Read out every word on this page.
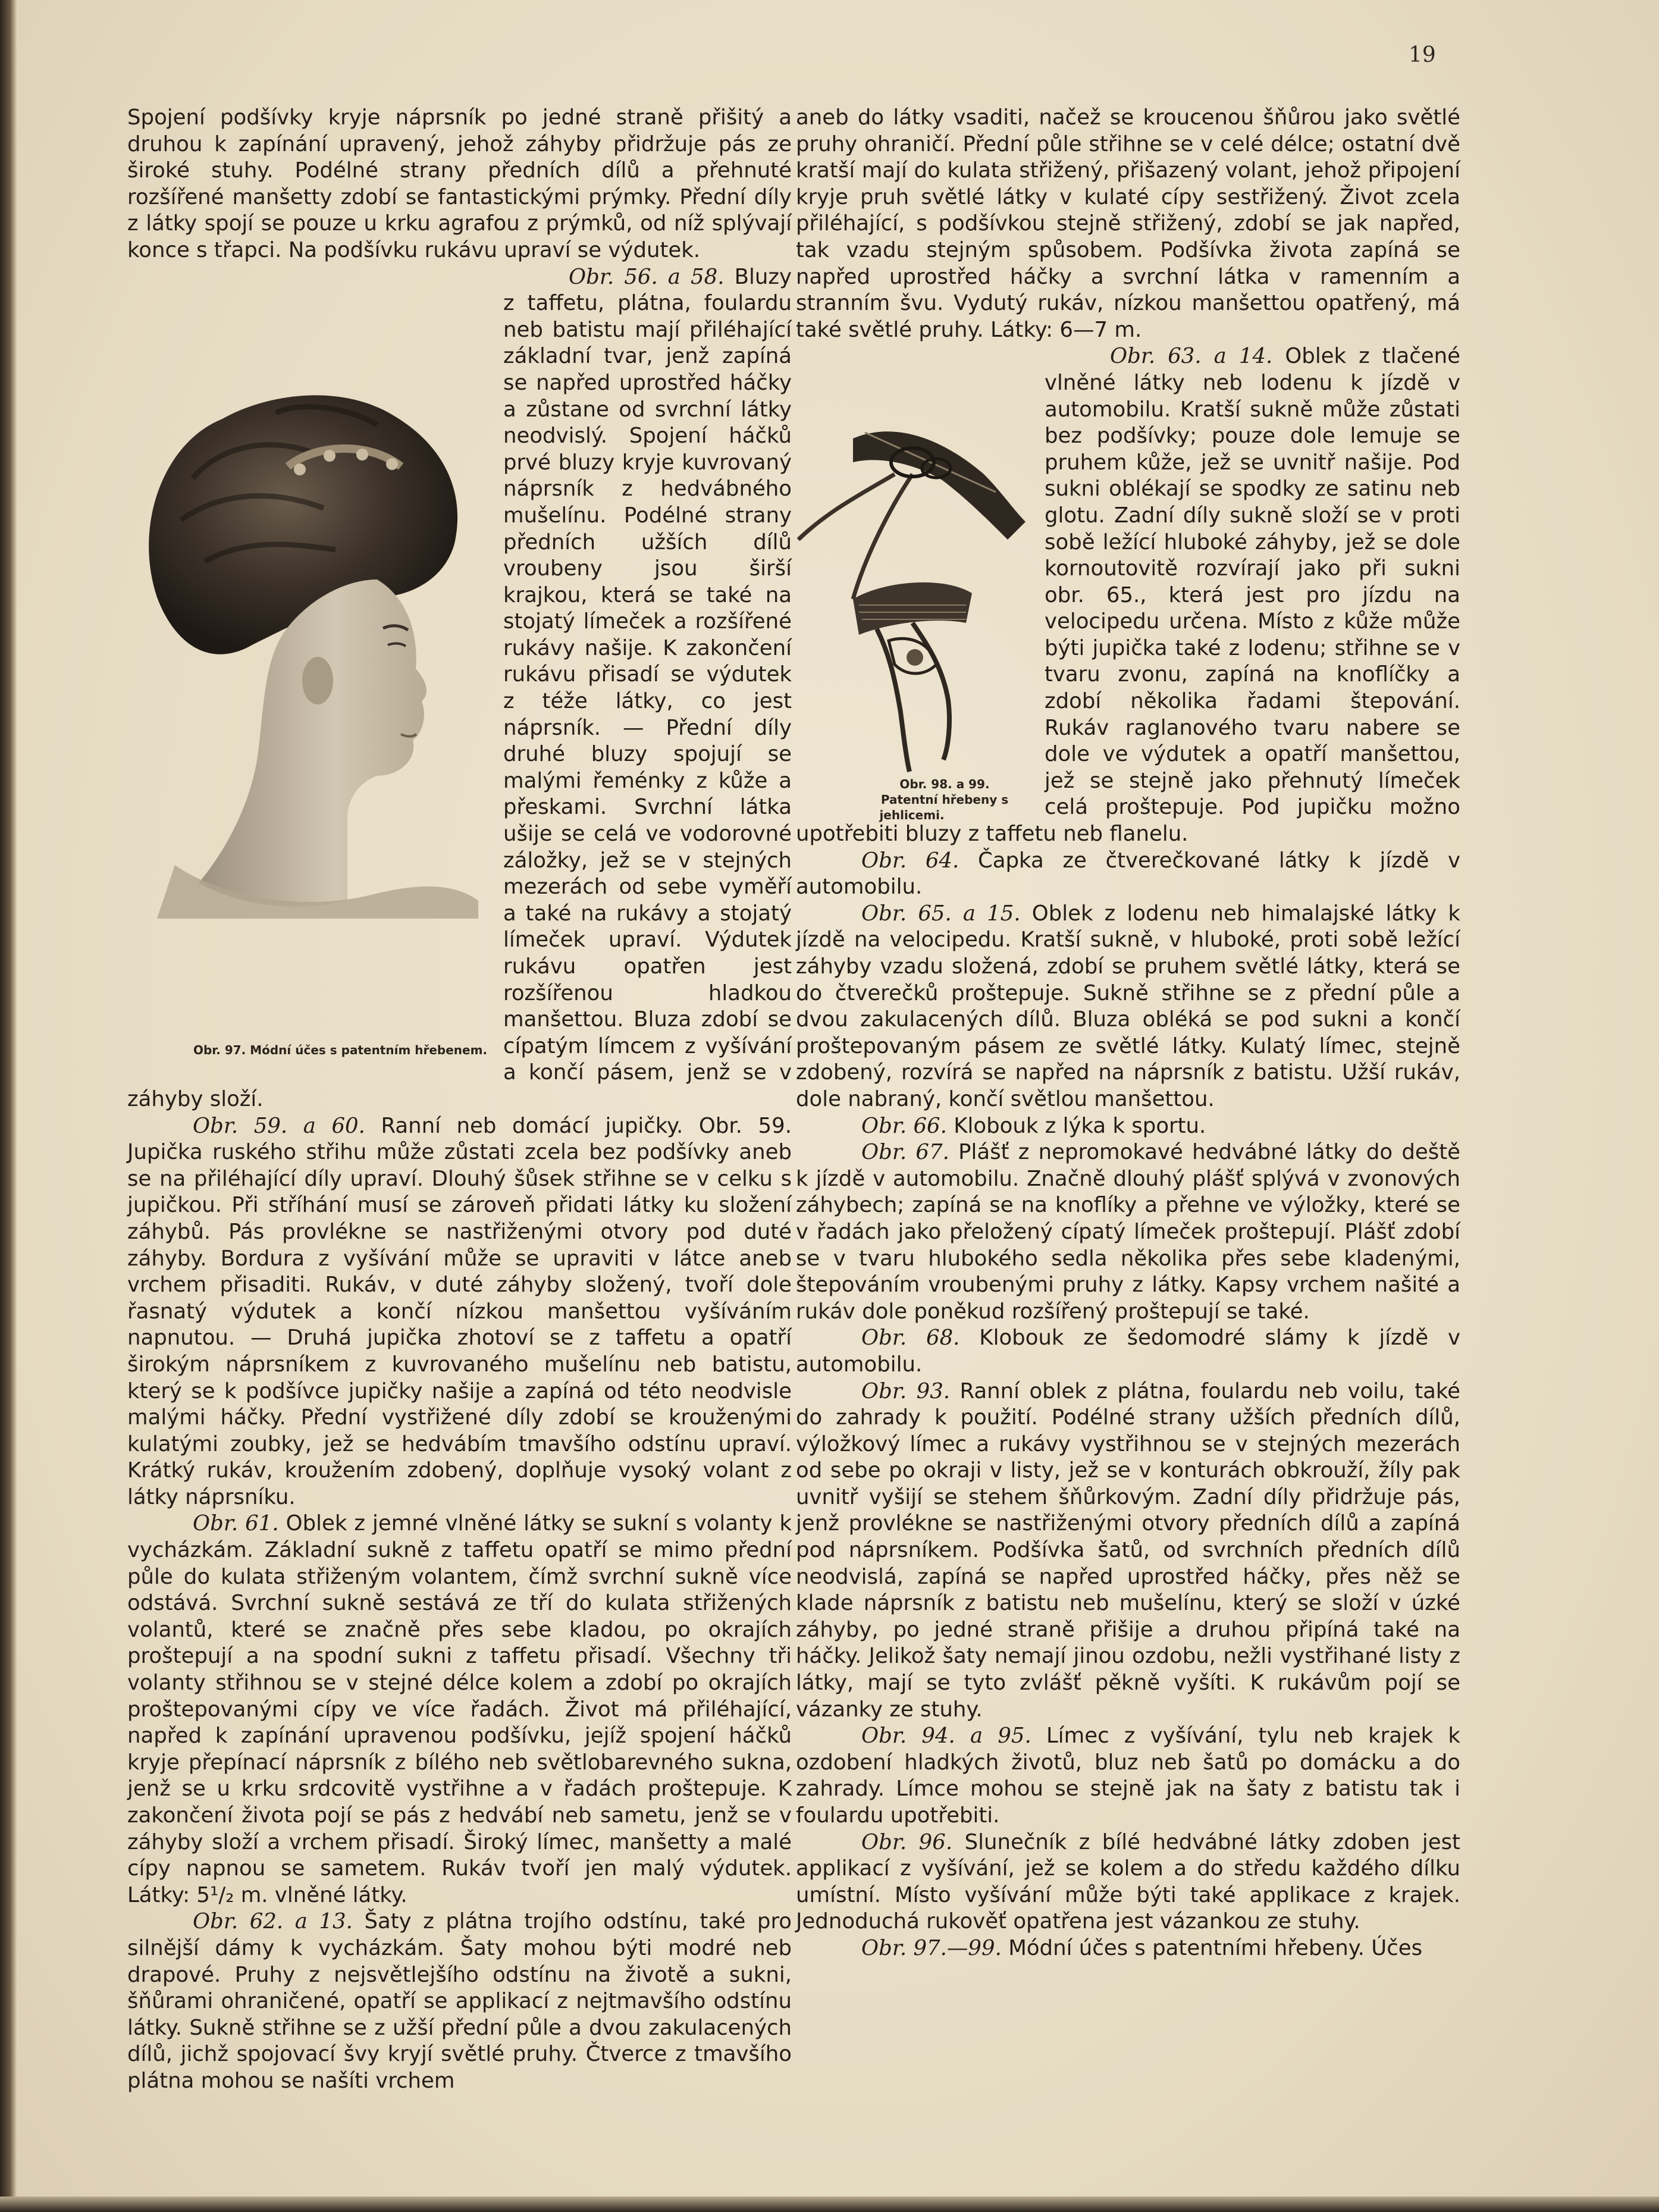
19

Spojení podšívky kryje náprsník po jedné straně přišitý a druhou k zapínání upravený, jehož záhyby přidržuje pás ze široké stuhy. Podélné strany předních dílů a přehnuté rozšířené manšetty zdobí se fantastickými prýmky. Přední díly z látky spojí se pouze u krku agrafou z prýmků, od níž splývají konce s třapci. Na podšívku rukávu upraví se výdutek.

Obr. 56. a 58.
Obr. 97. Módní účes s patentním hřebenem.
Bluzy z taffetu, plátna, foulardu neb batistu mají přiléhající základní tvar, jenž zapíná se napřed uprostřed háčky a zůstane od svrchní látky neodvislý. Spojení háčků prvé bluzy kryje kuvrovaný náprsník z hedvábného mušelínu. Podélné strany předních užších dílů vroubeny jsou širší krajkou, která se také na stojatý límeček a rozšířené rukávy našije. K zakončení rukávu přisadí se výdutek z téže látky, co jest náprsník. — Přední díly druhé bluzy spojují se malými řeménky z kůže a přeskami. Svrchní látka ušije se celá ve vodorovné záložky, jež se v stejných mezerách od sebe vyměří a také na rukávy a stojatý límeček upraví. Výdutek rukávu opatřen jest rozšířenou hladkou manšettou. Bluza zdobí se cípatým límcem z vyšívání a končí pásem, jenž se v záhyby složí.

Obr. 59. a 60. Ranní neb domácí jupičky. Obr. 59. Jupička ruského střihu může zůstati zcela bez podšívky aneb se na přiléhající díly upraví. Dlouhý šůsek střihne se v celku s jupičkou. Při stříhání musí se zároveň přidati látky ku složení záhybů. Pás provlékne se nastřiženými otvory pod duté záhyby. Bordura z vyšívání může se upraviti v látce aneb vrchem přisaditi. Rukáv, v duté záhyby složený, tvoří dole řasnatý výdutek a končí nízkou manšettou vyšíváním napnutou. — Druhá jupička zhotoví se z taffetu a opatří širokým náprsníkem z kuvrovaného mušelínu neb batistu, který se k podšívce jupičky našije a zapíná od této neodvisle malými háčky. Přední vystřižené díly zdobí se krouženými kulatými zoubky, jež se hedvábím tmavšího odstínu upraví. Krátký rukáv, kroužením zdobený, doplňuje vysoký volant z látky náprsníku.

Obr. 61. Oblek z jemné vlněné látky se sukní s volanty k vycházkám. Základní sukně z taffetu opatří se mimo přední půle do kulata střiženým volantem, čímž svrchní sukně více odstává. Svrchní sukně sestává ze tří do kulata střižených volantů, které se značně přes sebe kladou, po okrajích proštepují a na spodní sukni z taffetu přisadí. Všechny tři volanty střihnou se v stejné délce kolem a zdobí po okrajích proštepovanými cípy ve více řadách. Život má přiléhající, napřed k zapínání upravenou podšívku, jejíž spojení háčků kryje přepínací náprsník z bílého neb světlobarevného sukna, jenž se u krku srdcovitě vystřihne a v řadách proštepuje. K zakončení života pojí se pás z hedvábí neb sametu, jenž se v záhyby složí a vrchem přisadí. Široký límec, manšetty a malé cípy napnou se sametem. Rukáv tvoří jen malý výdutek. Látky: 5¹/₂ m. vlněné látky.

Obr. 62. a 13. Šaty z plátna trojího odstínu, také pro silnější dámy k vycházkám. Šaty mohou býti modré neb drapové. Pruhy z nejsvětlejšího odstínu na životě a sukni, šňůrami ohraničené, opatří se applikací z nejtmavšího odstínu látky. Sukně střihne se z užší přední půle a dvou zakulacených dílů, jichž spojovací švy kryjí světlé pruhy. Čtverce z tmavšího plátna mohou se našíti vrchem

aneb do látky vsaditi, načež se kroucenou šňůrou jako světlé pruhy ohraničí. Přední půle střihne se v celé délce; ostatní dvě kratší mají do kulata střižený, přišazený volant, jehož připojení kryje pruh světlé látky v kulaté cípy sestřižený. Život zcela přiléhající, s podšívkou stejně střižený, zdobí se jak napřed, tak vzadu stejným spůsobem. Podšívka života zapíná se napřed uprostřed háčky a svrchní látka v ramenním a stranním švu. Vydutý rukáv, nízkou manšettou opatřený, má také světlé pruhy. Látky: 6—7 m.

Obr. 63. a 14.
Obr. 98. a 99.
Patentní hřebeny s jehlicemi.
Oblek z tlačené vlněné látky neb lodenu k jízdě v automobilu. Kratší sukně může zůstati bez podšívky; pouze dole lemuje se pruhem kůže, jež se uvnitř našije. Pod sukni oblékají se spodky ze satinu neb glotu. Zadní díly sukně složí se v proti sobě ležící hluboké záhyby, jež se dole kornoutovitě rozvírají jako při sukni obr. 65., která jest pro jízdu na velocipedu určena. Místo z kůže může býti jupička také z lodenu; střihne se v tvaru zvonu, zapíná na knoflíčky a zdobí několika řadami štepování. Rukáv raglanového tvaru nabere se dole ve výdutek a opatří manšettou, jež se stejně jako přehnutý límeček celá proštepuje. Pod jupičku možno upotřebiti bluzy z taffetu neb flanelu.

Obr. 64. Čapka ze čtverečkované látky k jízdě v automobilu.

Obr. 65. a 15. Oblek z lodenu neb himalajské látky k jízdě na velocipedu. Kratší sukně, v hluboké, proti sobě ležící záhyby vzadu složená, zdobí se pruhem světlé látky, která se do čtverečků proštepuje. Sukně střihne se z přední půle a dvou zakulacených dílů. Bluza obléká se pod sukni a končí proštepovaným pásem ze světlé látky. Kulatý límec, stejně zdobený, rozvírá se napřed na náprsník z batistu. Užší rukáv, dole nabraný, končí světlou manšettou.

Obr. 66. Klobouk z lýka k sportu.

Obr. 67. Plášť z nepromokavé hedvábné látky do deště k jízdě v automobilu. Značně dlouhý plášť splývá v zvonových záhybech; zapíná se na knoflíky a přehne ve výložky, které se v řadách jako přeložený cípatý límeček proštepují. Plášť zdobí se v tvaru hlubokého sedla několika přes sebe kladenými, štepováním vroubenými pruhy z látky. Kapsy vrchem našité a rukáv dole poněkud rozšířený proštepují se také.

Obr. 68. Klobouk ze šedomodré slámy k jízdě v automobilu.

Obr. 93. Ranní oblek z plátna, foulardu neb voilu, také do zahrady k použití. Podélné strany užších předních dílů, výložkový límec a rukávy vystřihnou se v stejných mezerách od sebe po okraji v listy, jež se v konturách obkrouží, žíly pak uvnitř vyšijí se stehem šňůrkovým. Zadní díly přidržuje pás, jenž provlékne se nastřiženými otvory předních dílů a zapíná pod náprsníkem. Podšívka šatů, od svrchních předních dílů neodvislá, zapíná se napřed uprostřed háčky, přes něž se klade náprsník z batistu neb mušelínu, který se složí v úzké záhyby, po jedné straně přišije a druhou připíná také na háčky. Jelikož šaty nemají jinou ozdobu, nežli vystřihané listy z látky, mají se tyto zvlášť pěkně vyšíti. K rukávům pojí se vázanky ze stuhy.

Obr. 94. a 95. Límec z vyšívání, tylu neb krajek k ozdobení hladkých životů, bluz neb šatů po domácku a do zahrady. Límce mohou se stejně jak na šaty z batistu tak i foulardu upotřebiti.

Obr. 96. Slunečník z bílé hedvábné látky zdoben jest applikací z vyšívání, jež se kolem a do středu každého dílku umístní. Místo vyšívání může býti také applikace z krajek. Jednoduchá rukověť opatřena jest vázankou ze stuhy.

Obr. 97.—99. Módní účes s patentními hřebeny. Účes
